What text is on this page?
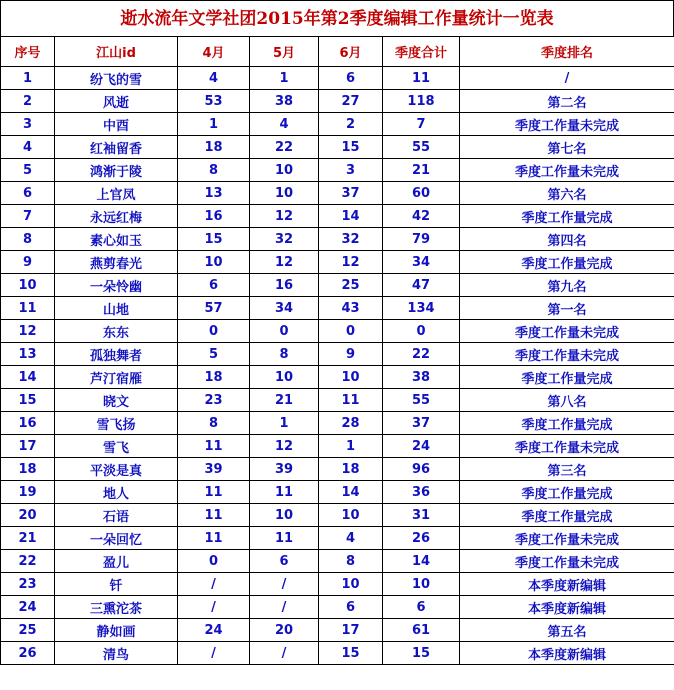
逝水流年文学社团2015年第2季度编辑工作量统计一览表
序号	江山id	4月	5月	6月	季度合计	季度排名
1	纷飞的雪	4	1	6	11	/
2	风逝	53	38	27	118	第二名
3	中酉	1	4	2	7	季度工作量未完成
4	红袖留香	18	22	15	55	第七名
5	鸿渐于陵	8	10	3	21	季度工作量未完成
6	上官凤	13	10	37	60	第六名
7	永远红梅	16	12	14	42	季度工作量完成
8	素心如玉	15	32	32	79	第四名
9	燕剪春光	10	12	12	34	季度工作量完成
10	一朵怜幽	6	16	25	47	第九名
11	山地	57	34	43	134	第一名
12	东东	0	0	0	0	季度工作量未完成
13	孤独舞者	5	8	9	22	季度工作量未完成
14	芦汀宿雁	18	10	10	38	季度工作量完成
15	晓文	23	21	11	55	第八名
16	雪飞扬	8	1	28	37	季度工作量完成
17	雪飞	11	12	1	24	季度工作量未完成
18	平淡是真	39	39	18	96	第三名
19	地人	11	11	14	36	季度工作量完成
20	石语	11	10	10	31	季度工作量完成
21	一朵回忆	11	11	4	26	季度工作量未完成
22	盈儿	0	6	8	14	季度工作量未完成
23	钎	/	/	10	10	本季度新编辑
24	三熏沱茶	/	/	6	6	本季度新编辑
25	静如画	24	20	17	61	第五名
26	清鸟	/	/	15	15	本季度新编辑
